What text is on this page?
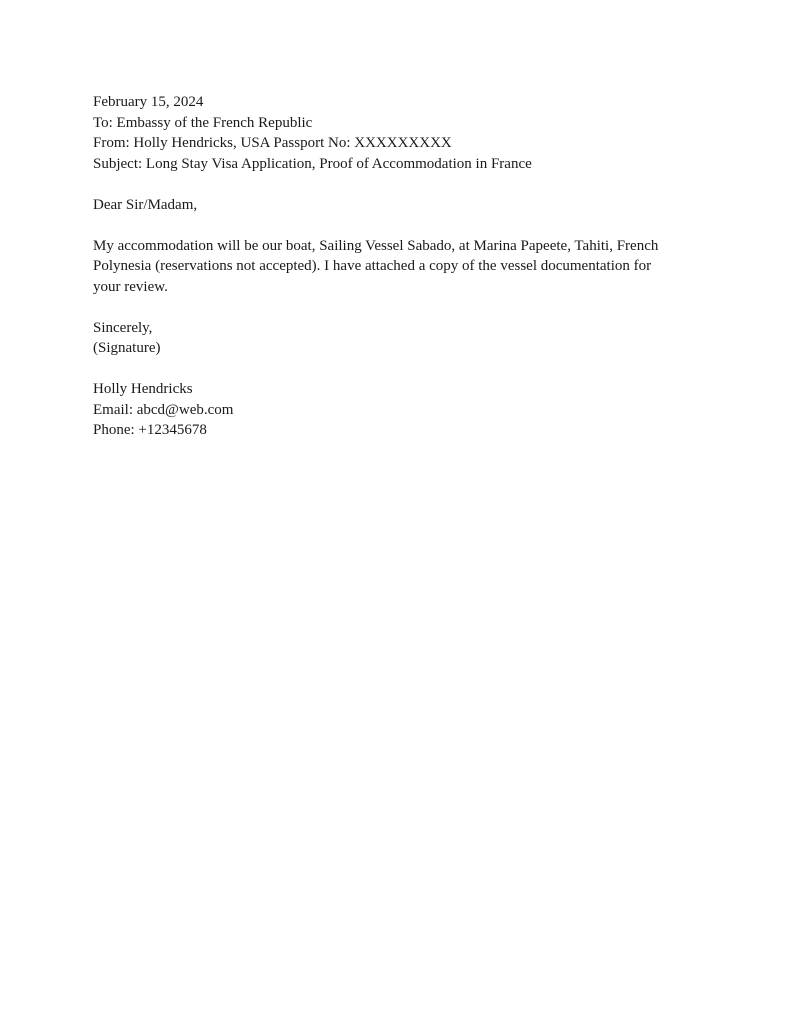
February 15, 2024
To: Embassy of the French Republic
From: Holly Hendricks, USA Passport No: XXXXXXXXX
Subject: Long Stay Visa Application, Proof of Accommodation in France
Dear Sir/Madam,
My accommodation will be our boat, Sailing Vessel Sabado, at Marina Papeete, Tahiti, French
Polynesia (reservations not accepted). I have attached a copy of the vessel documentation for
your review.
Sincerely,
(Signature)
Holly Hendricks
Email: abcd@web.com
Phone: +12345678
